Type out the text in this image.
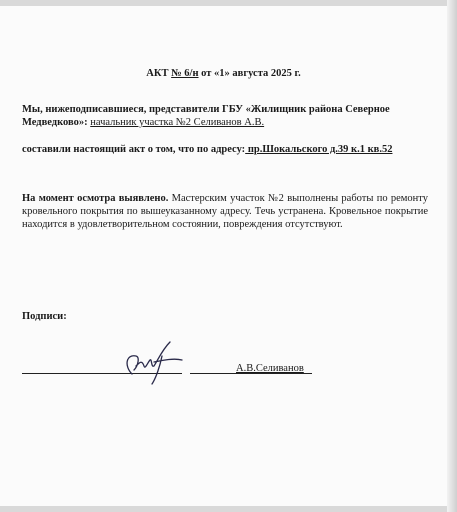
АКТ № 6/н от «1» августа 2025 г.
Мы, нижеподписавшиеся, представители ГБУ «Жилищник района Северное Медведково»: начальник участка №2 Селиванов А.В.
составили настоящий акт о том, что по адресу: пр.Шокальского д.39 к.1 кв.52
На момент осмотра выявлено. Мастерским участок №2 выполнены работы по ремонту кровельного покрытия по вышеуказанному адресу. Течь устранена. Кровельное покрытие находится в удовлетворительном состоянии, повреждения отсутствуют.
Подписи:
А.В.Селиванов
